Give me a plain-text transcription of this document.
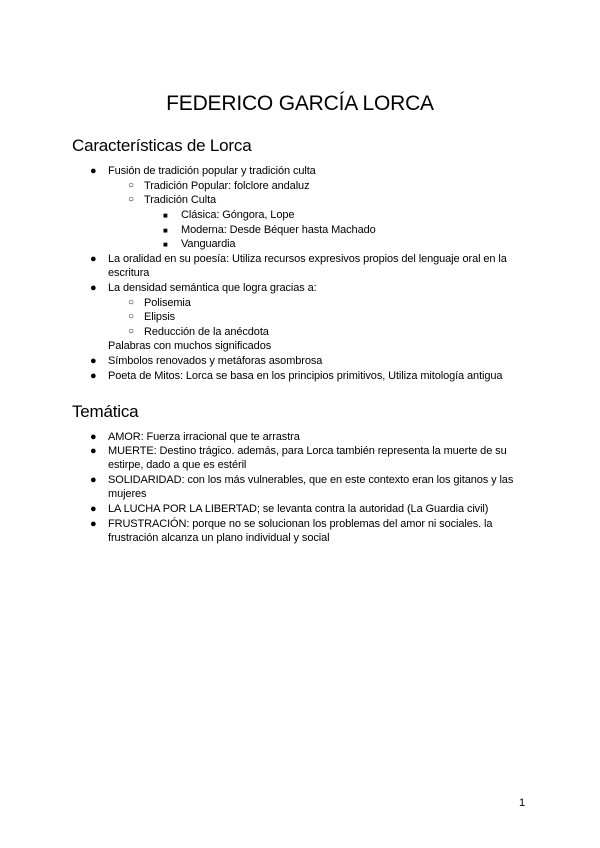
FEDERICO GARCÍA LORCA
Características de Lorca
● Fusión de tradición popular y tradición culta
○ Tradición Popular: folclore andaluz
○ Tradición Culta
■ Clásica: Góngora, Lope
■ Moderna: Desde Béquer hasta Machado
■ Vanguardia
● La oralidad en su poesía: Utiliza recursos expresivos propios del lenguaje oral en la
escritura
● La densidad semántica que logra gracias a:
○ Polisemia
○ Elipsis
○ Reducción de la anécdota
Palabras con muchos significados
● Símbolos renovados y metáforas asombrosa
● Poeta de Mitos: Lorca se basa en los principios primitivos, Utiliza mitología antigua
Temática
● AMOR: Fuerza irracional que te arrastra
● MUERTE: Destino trágico. además, para Lorca también representa la muerte de su
estirpe, dado a que es estéril
● SOLIDARIDAD: con los más vulnerables, que en este contexto eran los gitanos y las
mujeres
● LA LUCHA POR LA LIBERTAD; se levanta contra la autoridad (La Guardia civil)
● FRUSTRACIÓN: porque no se solucionan los problemas del amor ni sociales. la
frustración alcanza un plano individual y social
1
